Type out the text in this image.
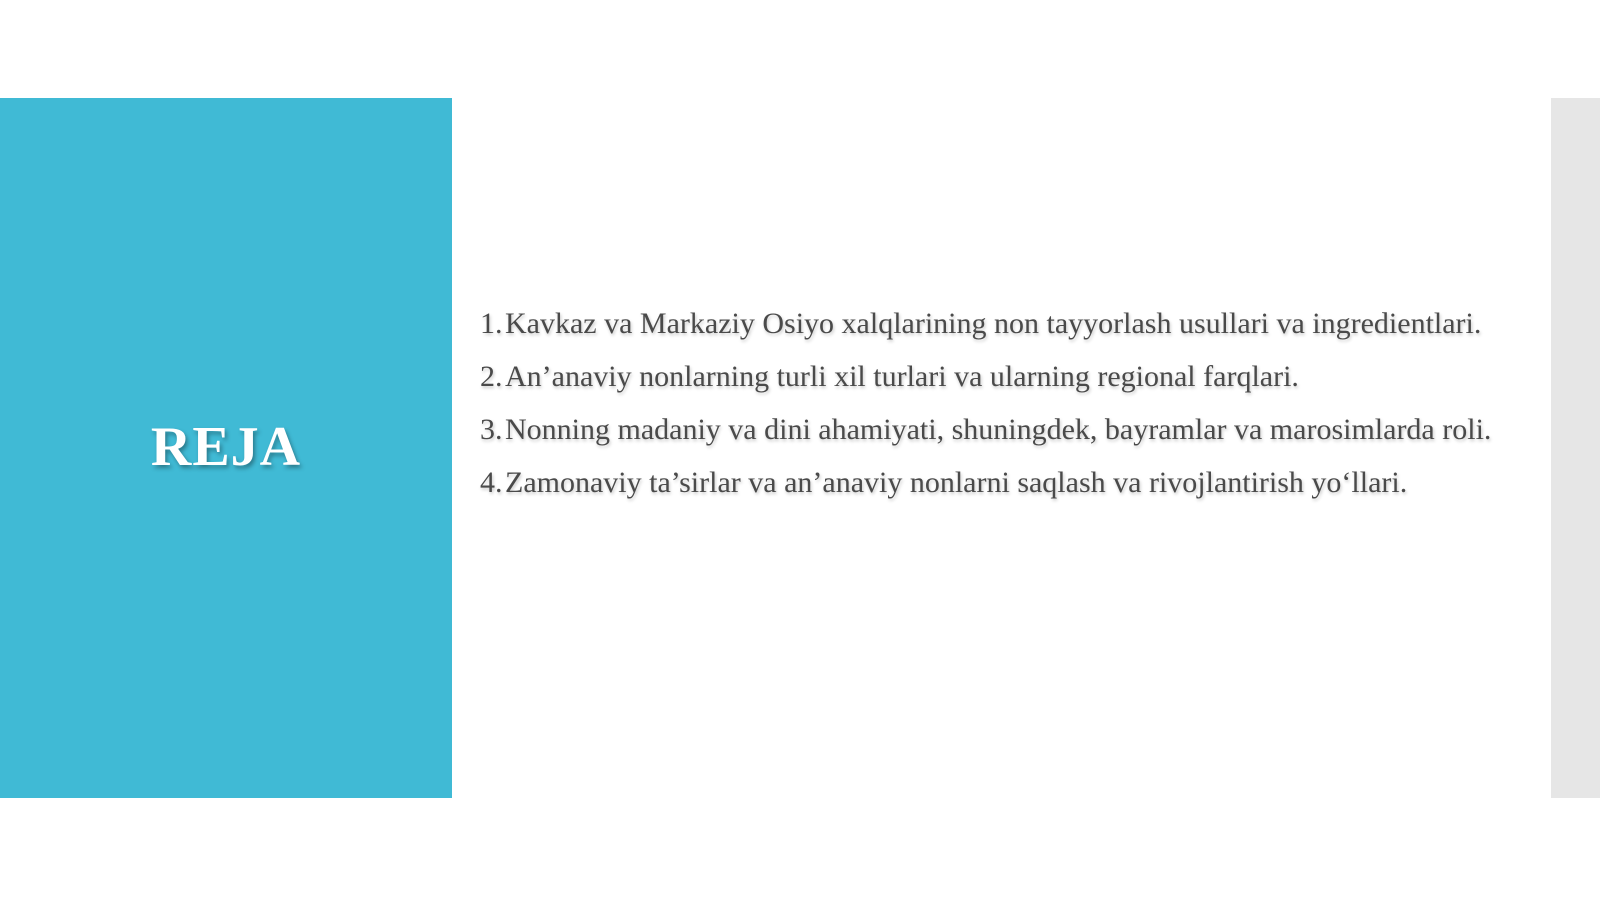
REJA
1. Kavkaz va Markaziy Osiyo xalqlarining non tayyorlash usullari va ingredientlari.
2. An’anaviy nonlarning turli xil turlari va ularning regional farqlari.
3. Nonning madaniy va dini ahamiyati, shuningdek, bayramlar va marosimlarda roli.
4. Zamonaviy ta’sirlar va an’anaviy nonlarni saqlash va rivojlantirish yo‘llari.
